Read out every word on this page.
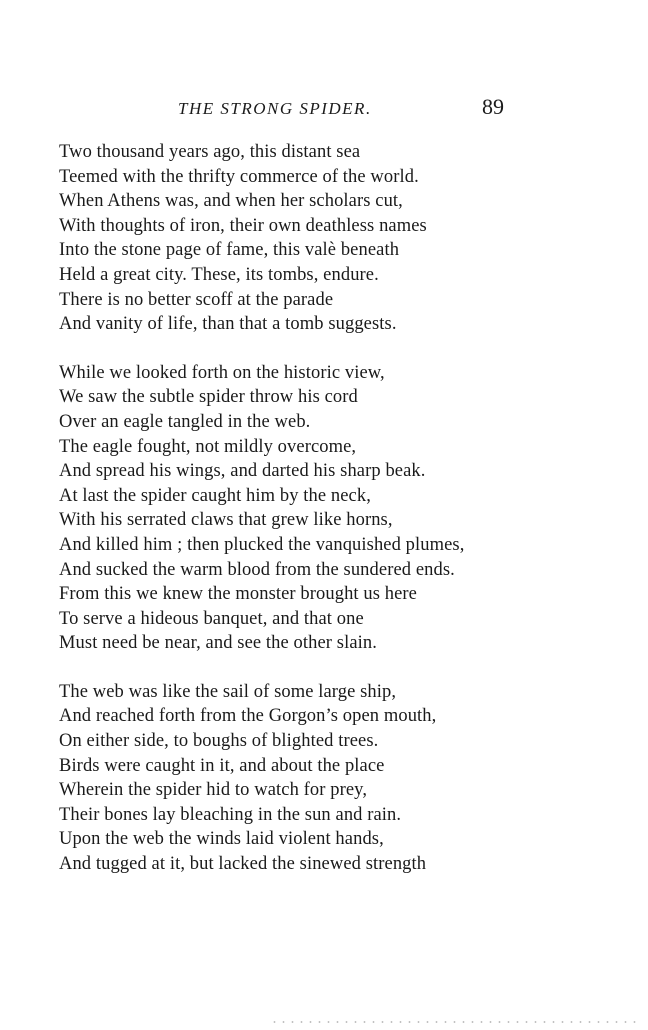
THE STRONG SPIDER.	89
Two thousand years ago, this distant sea
Teemed with the thrifty commerce of the world.
When Athens was, and when her scholars cut,
With thoughts of iron, their own deathless names
Into the stone page of fame, this valè beneath
Held a great city. These, its tombs, endure.
There is no better scoff at the parade
And vanity of life, than that a tomb suggests.
While we looked forth on the historic view,
We saw the subtle spider throw his cord
Over an eagle tangled in the web.
The eagle fought, not mildly overcome,
And spread his wings, and darted his sharp beak.
At last the spider caught him by the neck,
With his serrated claws that grew like horns,
And killed him ; then plucked the vanquished plumes,
And sucked the warm blood from the sundered ends.
From this we knew the monster brought us here
To serve a hideous banquet, and that one
Must need be near, and see the other slain.
The web was like the sail of some large ship,
And reached forth from the Gorgon’s open mouth,
On either side, to boughs of blighted trees.
Birds were caught in it, and about the place
Wherein the spider hid to watch for prey,
Their bones lay bleaching in the sun and rain.
Upon the web the winds laid violent hands,
And tugged at it, but lacked the sinewed strength
